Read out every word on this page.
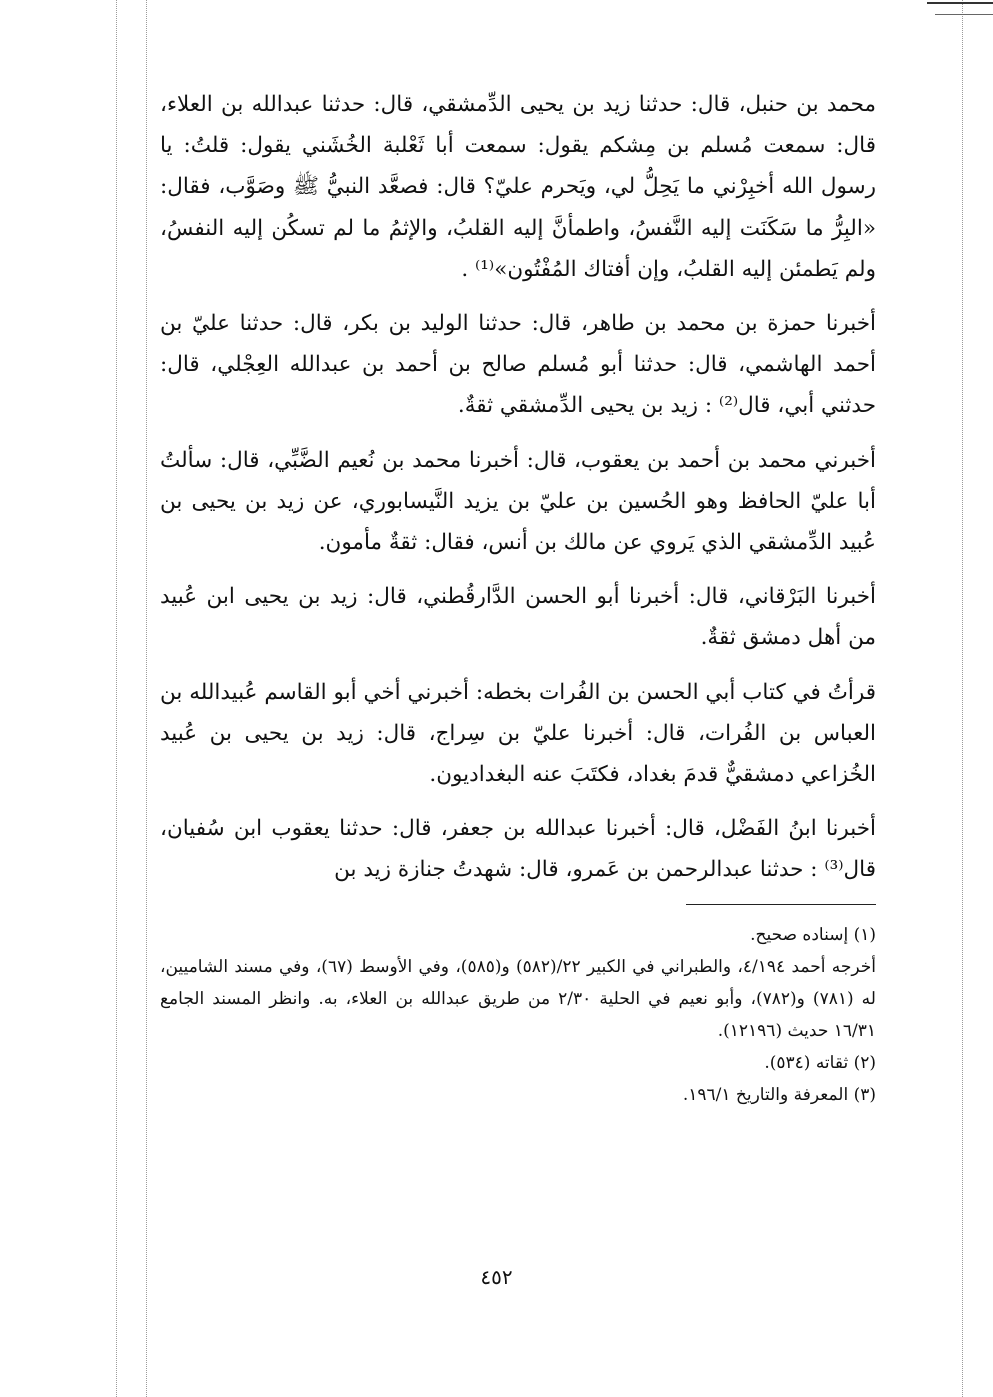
محمد بن حنبل، قال: حدثنا زيد بن يحيى الدِّمشقي، قال: حدثنا عبدالله بن العلاء، قال: سمعت مُسلم بن مِشكم يقول: سمعت أبا ثَعْلبة الخُشَني يقول: قلتُ: يا رسول الله أخبِرْني ما يَحِلُّ لي، ويَحرم عليّ؟ قال: فصعَّد النبيُّ ﷺ وصَوَّب، فقال: «البِرُّ ما سَكَنَت إليه النَّفسُ، واطمأنَّ إليه القلبُ، والإثمُ ما لم تسكُن إليه النفسُ، ولم يَطمئن إليه القلبُ، وإن أفتاك المُفْتُون»⁽¹⁾ .

أخبرنا حمزة بن محمد بن طاهر، قال: حدثنا الوليد بن بكر، قال: حدثنا عليّ بن أحمد الهاشمي، قال: حدثنا أبو مُسلم صالح بن أحمد بن عبدالله العِجْلي، قال: حدثني أبي، قال⁽²⁾ : زيد بن يحيى الدِّمشقي ثقةٌ.

أخبرني محمد بن أحمد بن يعقوب، قال: أخبرنا محمد بن نُعيم الضَّبِّي، قال: سألتُ أبا عليّ الحافظ وهو الحُسين بن عليّ بن يزيد النَّيسابوري، عن زيد بن يحيى بن عُبيد الدِّمشقي الذي يَروي عن مالك بن أنس، فقال: ثقةٌ مأمون.

أخبرنا البَرْقاني، قال: أخبرنا أبو الحسن الدَّارقُطني، قال: زيد بن يحيى ابن عُبيد من أهل دمشق ثقةٌ.

قرأتُ في كتاب أبي الحسن بن الفُرات بخطه: أخبرني أخي أبو القاسم عُبيدالله بن العباس بن الفُرات، قال: أخبرنا عليّ بن سِراج، قال: زيد بن يحيى بن عُبيد الخُزاعي دمشقيٌّ قدمَ بغداد، فكتَبَ عنه البغداديون.

أخبرنا ابنُ الفَضْل، قال: أخبرنا عبدالله بن جعفر، قال: حدثنا يعقوب ابن سُفيان، قال⁽³⁾ : حدثنا عبدالرحمن بن عَمرو، قال: شهدتُ جنازة زيد بن

(١) إسناده صحيح.

أخرجه أحمد ٤/١٩٤، والطبراني في الكبير ٢٢/(٥٨٢) و(٥٨٥)، وفي الأوسط (٦٧)، وفي مسند الشاميين، له (٧٨١) و(٧٨٢)، وأبو نعيم في الحلية ٢/٣٠ من طريق عبدالله بن العلاء، به. وانظر المسند الجامع ١٦/٣١ حديث (١٢١٩٦).

(٢) ثقاته (٥٣٤).

(٣) المعرفة والتاريخ ١٩٦/١.

٤٥٢
